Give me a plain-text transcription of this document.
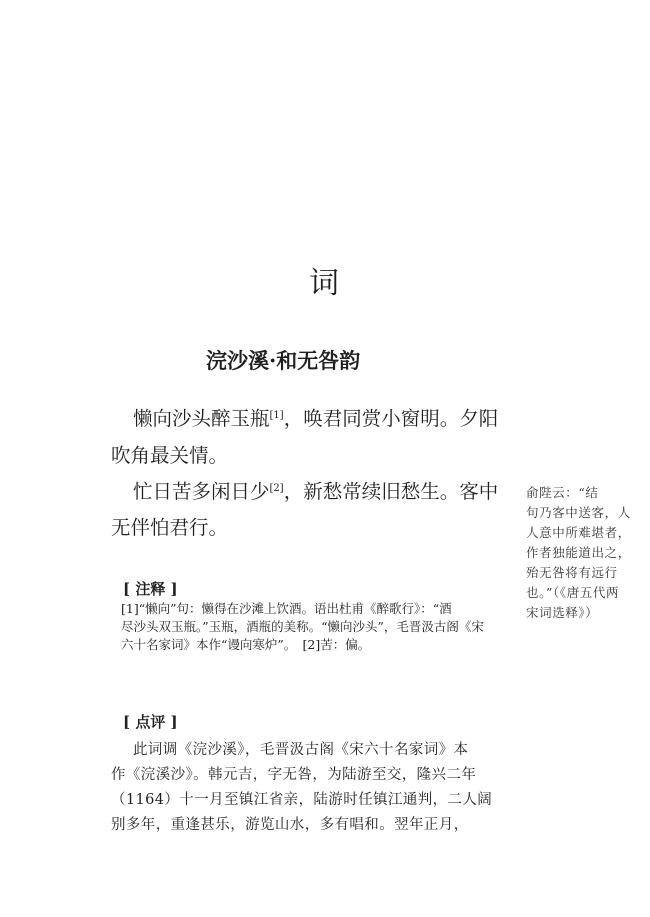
词
浣沙溪·和无咎韵
懒向沙头醉玉瓶[1]，唤君同赏小窗明。夕阳
吹角最关情。
忙日苦多闲日少[2]，新愁常续旧愁生。客中
无伴怕君行。
俞陛云：“结
句乃客中送客，人
人意中所难堪者，
作者独能道出之，
殆无咎将有远行
也。”（《唐五代两
宋词选释》）
[ 注释 ]
[1]“懒向”句：懒得在沙滩上饮酒。语出杜甫《醉歌行》：“酒
尽沙头双玉瓶。”玉瓶，酒瓶的美称。“懒向沙头”，毛晋汲古阁《宋
六十名家词》本作“谩向寒炉”。　[2]苦：偏。
[ 点评 ]
此词调《浣沙溪》，毛晋汲古阁《宋六十名家词》本
作《浣溪沙》。韩元吉，字无咎，为陆游至交，隆兴二年
（1164）十一月至镇江省亲，陆游时任镇江通判，二人阔
别多年，重逢甚乐，游览山水，多有唱和。翌年正月，
